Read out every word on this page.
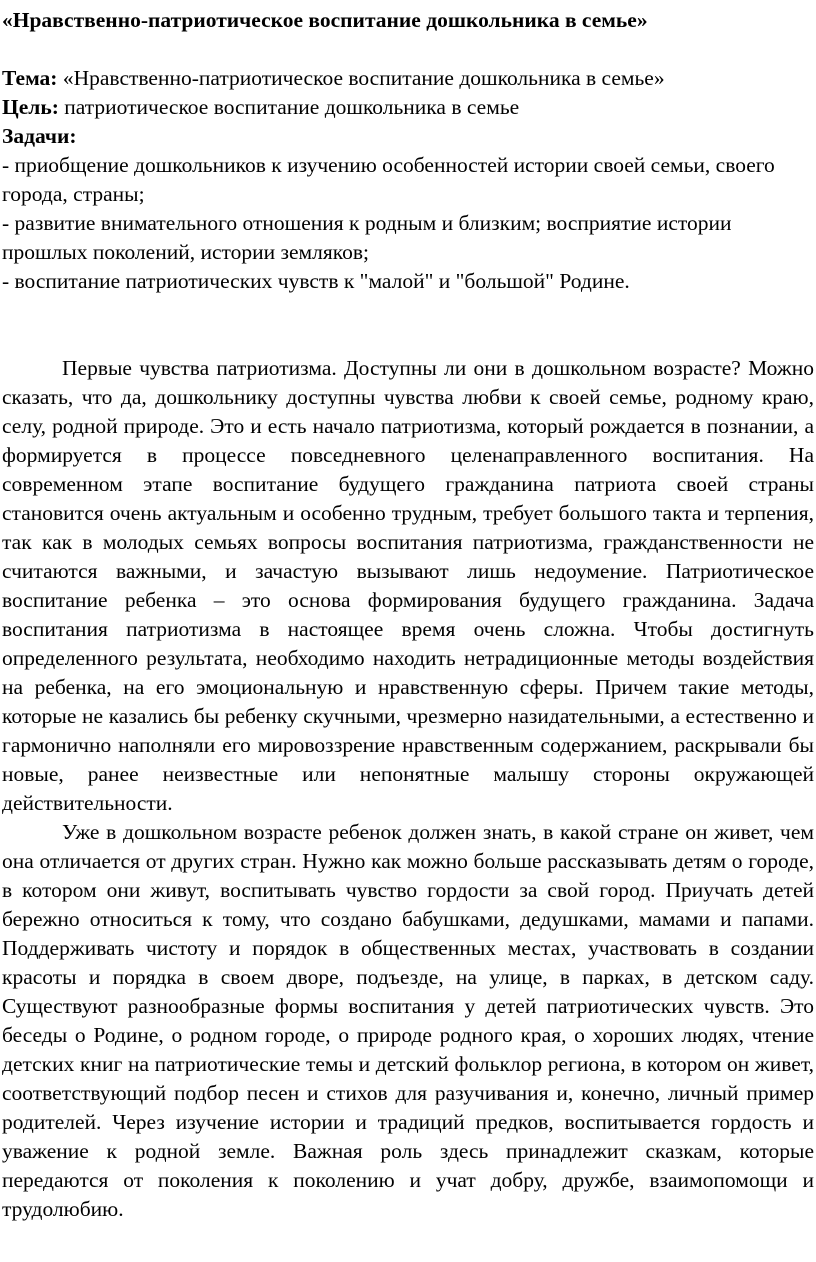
«Нравственно-патриотическое воспитание дошкольника в семье»

Тема: «Нравственно-патриотическое воспитание дошкольника в семье»

Цель: патриотическое воспитание дошкольника в семье

Задачи:

- приобщение дошкольников к изучению особенностей истории своей семьи, своего города, страны;
- развитие внимательного отношения к родным и близким; восприятие истории прошлых поколений, истории земляков;
- воспитание патриотических чувств к "малой" и "большой" Родине.

Первые чувства патриотизма. Доступны ли они в дошкольном возрасте? Можно сказать, что да, дошкольнику доступны чувства любви к своей семье, родному краю, селу, родной природе. Это и есть начало патриотизма, который рождается в познании, а формируется в процессе повседневного целенаправленного воспитания. На современном этапе воспитание будущего гражданина патриота своей страны становится очень актуальным и особенно трудным, требует большого такта и терпения, так как в молодых семьях вопросы воспитания патриотизма, гражданственности не считаются важными, и зачастую вызывают лишь недоумение. Патриотическое воспитание ребенка – это основа формирования будущего гражданина. Задача воспитания патриотизма в настоящее время очень сложна. Чтобы достигнуть определенного результата, необходимо находить нетрадиционные методы воздействия на ребенка, на его эмоциональную и нравственную сферы. Причем такие методы, которые не казались бы ребенку скучными, чрезмерно назидательными, а естественно и гармонично наполняли его мировоззрение нравственным содержанием, раскрывали бы новые, ранее неизвестные или непонятные малышу стороны окружающей действительности.

Уже в дошкольном возрасте ребенок должен знать, в какой стране он живет, чем она отличается от других стран. Нужно как можно больше рассказывать детям о городе, в котором они живут, воспитывать чувство гордости за свой город. Приучать детей бережно относиться к тому, что создано бабушками, дедушками, мамами и папами. Поддерживать чистоту и порядок в общественных местах, участвовать в создании красоты и порядка в своем дворе, подъезде, на улице, в парках, в детском саду. Существуют разнообразные формы воспитания у детей патриотических чувств. Это беседы о Родине, о родном городе, о природе родного края, о хороших людях, чтение детских книг на патриотические темы и детский фольклор региона, в котором он живет, соответствующий подбор песен и стихов для разучивания и, конечно, личный пример родителей. Через изучение истории и традиций предков, воспитывается гордость и уважение к родной земле. Важная роль здесь принадлежит сказкам, которые передаются от поколения к поколению и учат добру, дружбе, взаимопомощи и трудолюбию.
